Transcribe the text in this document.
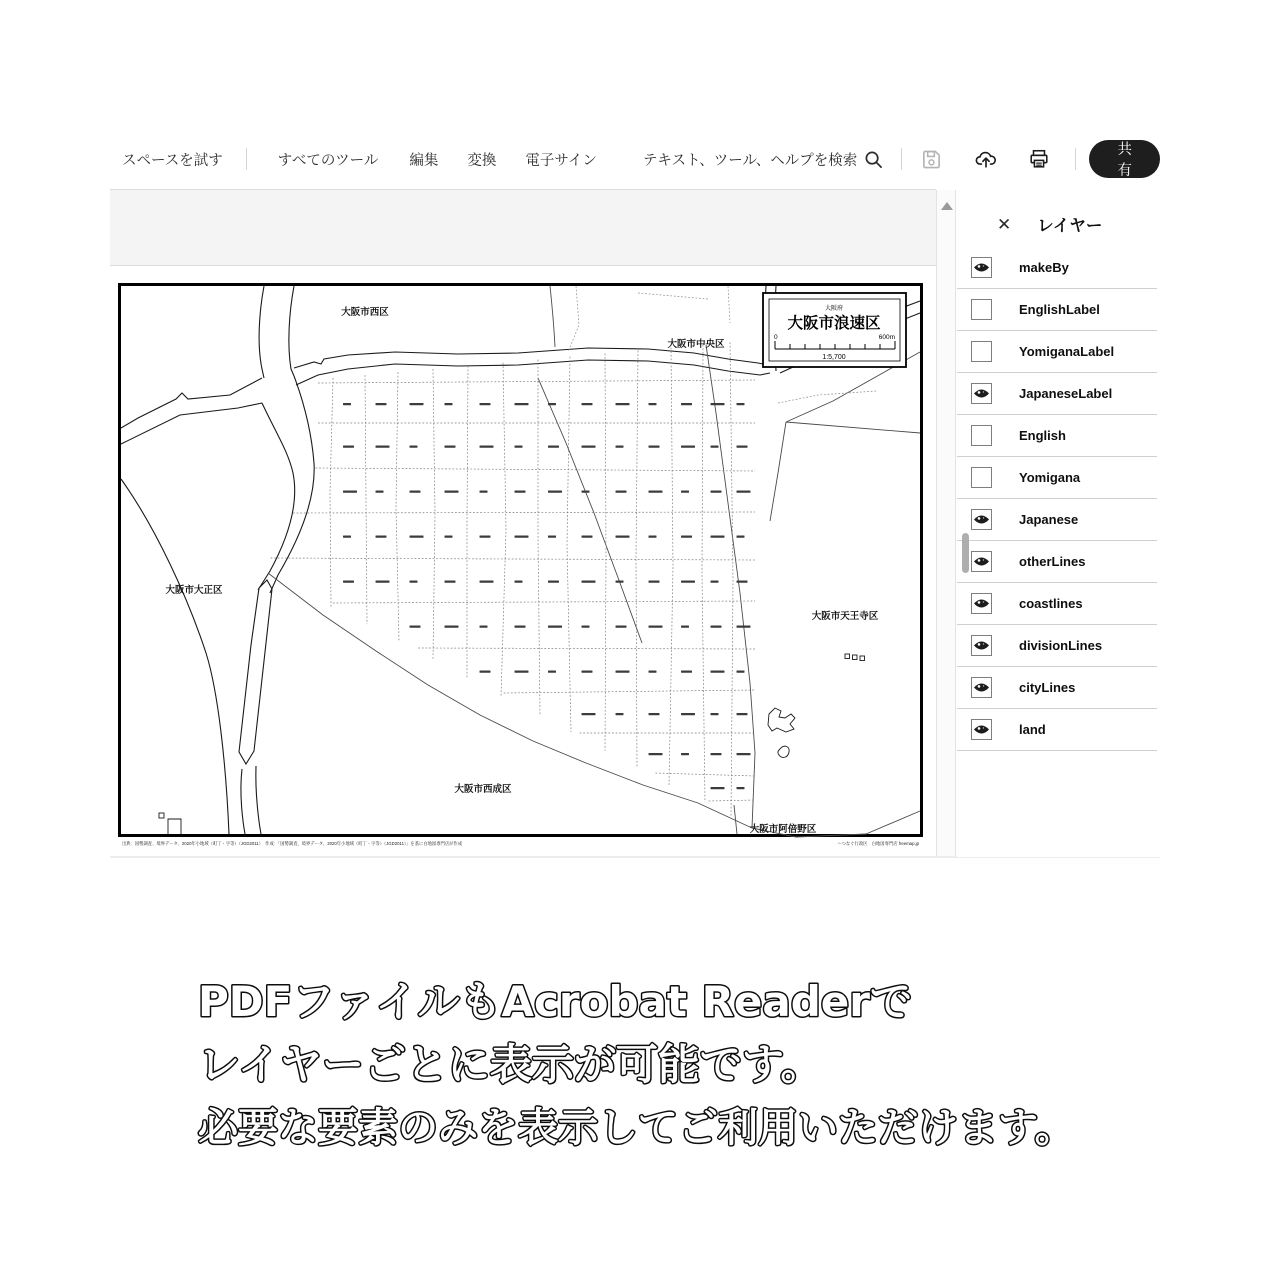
スペースを試す	すべてのツール 編集 変換 電子サイン	テキスト、ツール、ヘルプを検索
共有
大阪市西区
大阪市中央区
大阪市大正区
大阪市天王寺区
大阪市西成区
大阪市阿倍野区
大阪府
大阪市浪速区
0	600m
1:5,700
出典：国勢調査、境界データ、2020年小地域（町丁・字等）（JGD2011）　作成：「国勢調査、境界データ、2020年小地域（町丁・字等）（JGD2011）」を基に白地図専門店が作成	～つなぐ行政区　白地図専門店 freemap.jp
✕ レイヤー
makeBy
EnglishLabel
YomiganaLabel
JapaneseLabel
English
Yomigana
Japanese
otherLines
coastlines
divisionLines
cityLines
land
PDFファイルもAcrobat Readerで
レイヤーごとに表示が可能です。
必要な要素のみを表示してご利用いただけます。
